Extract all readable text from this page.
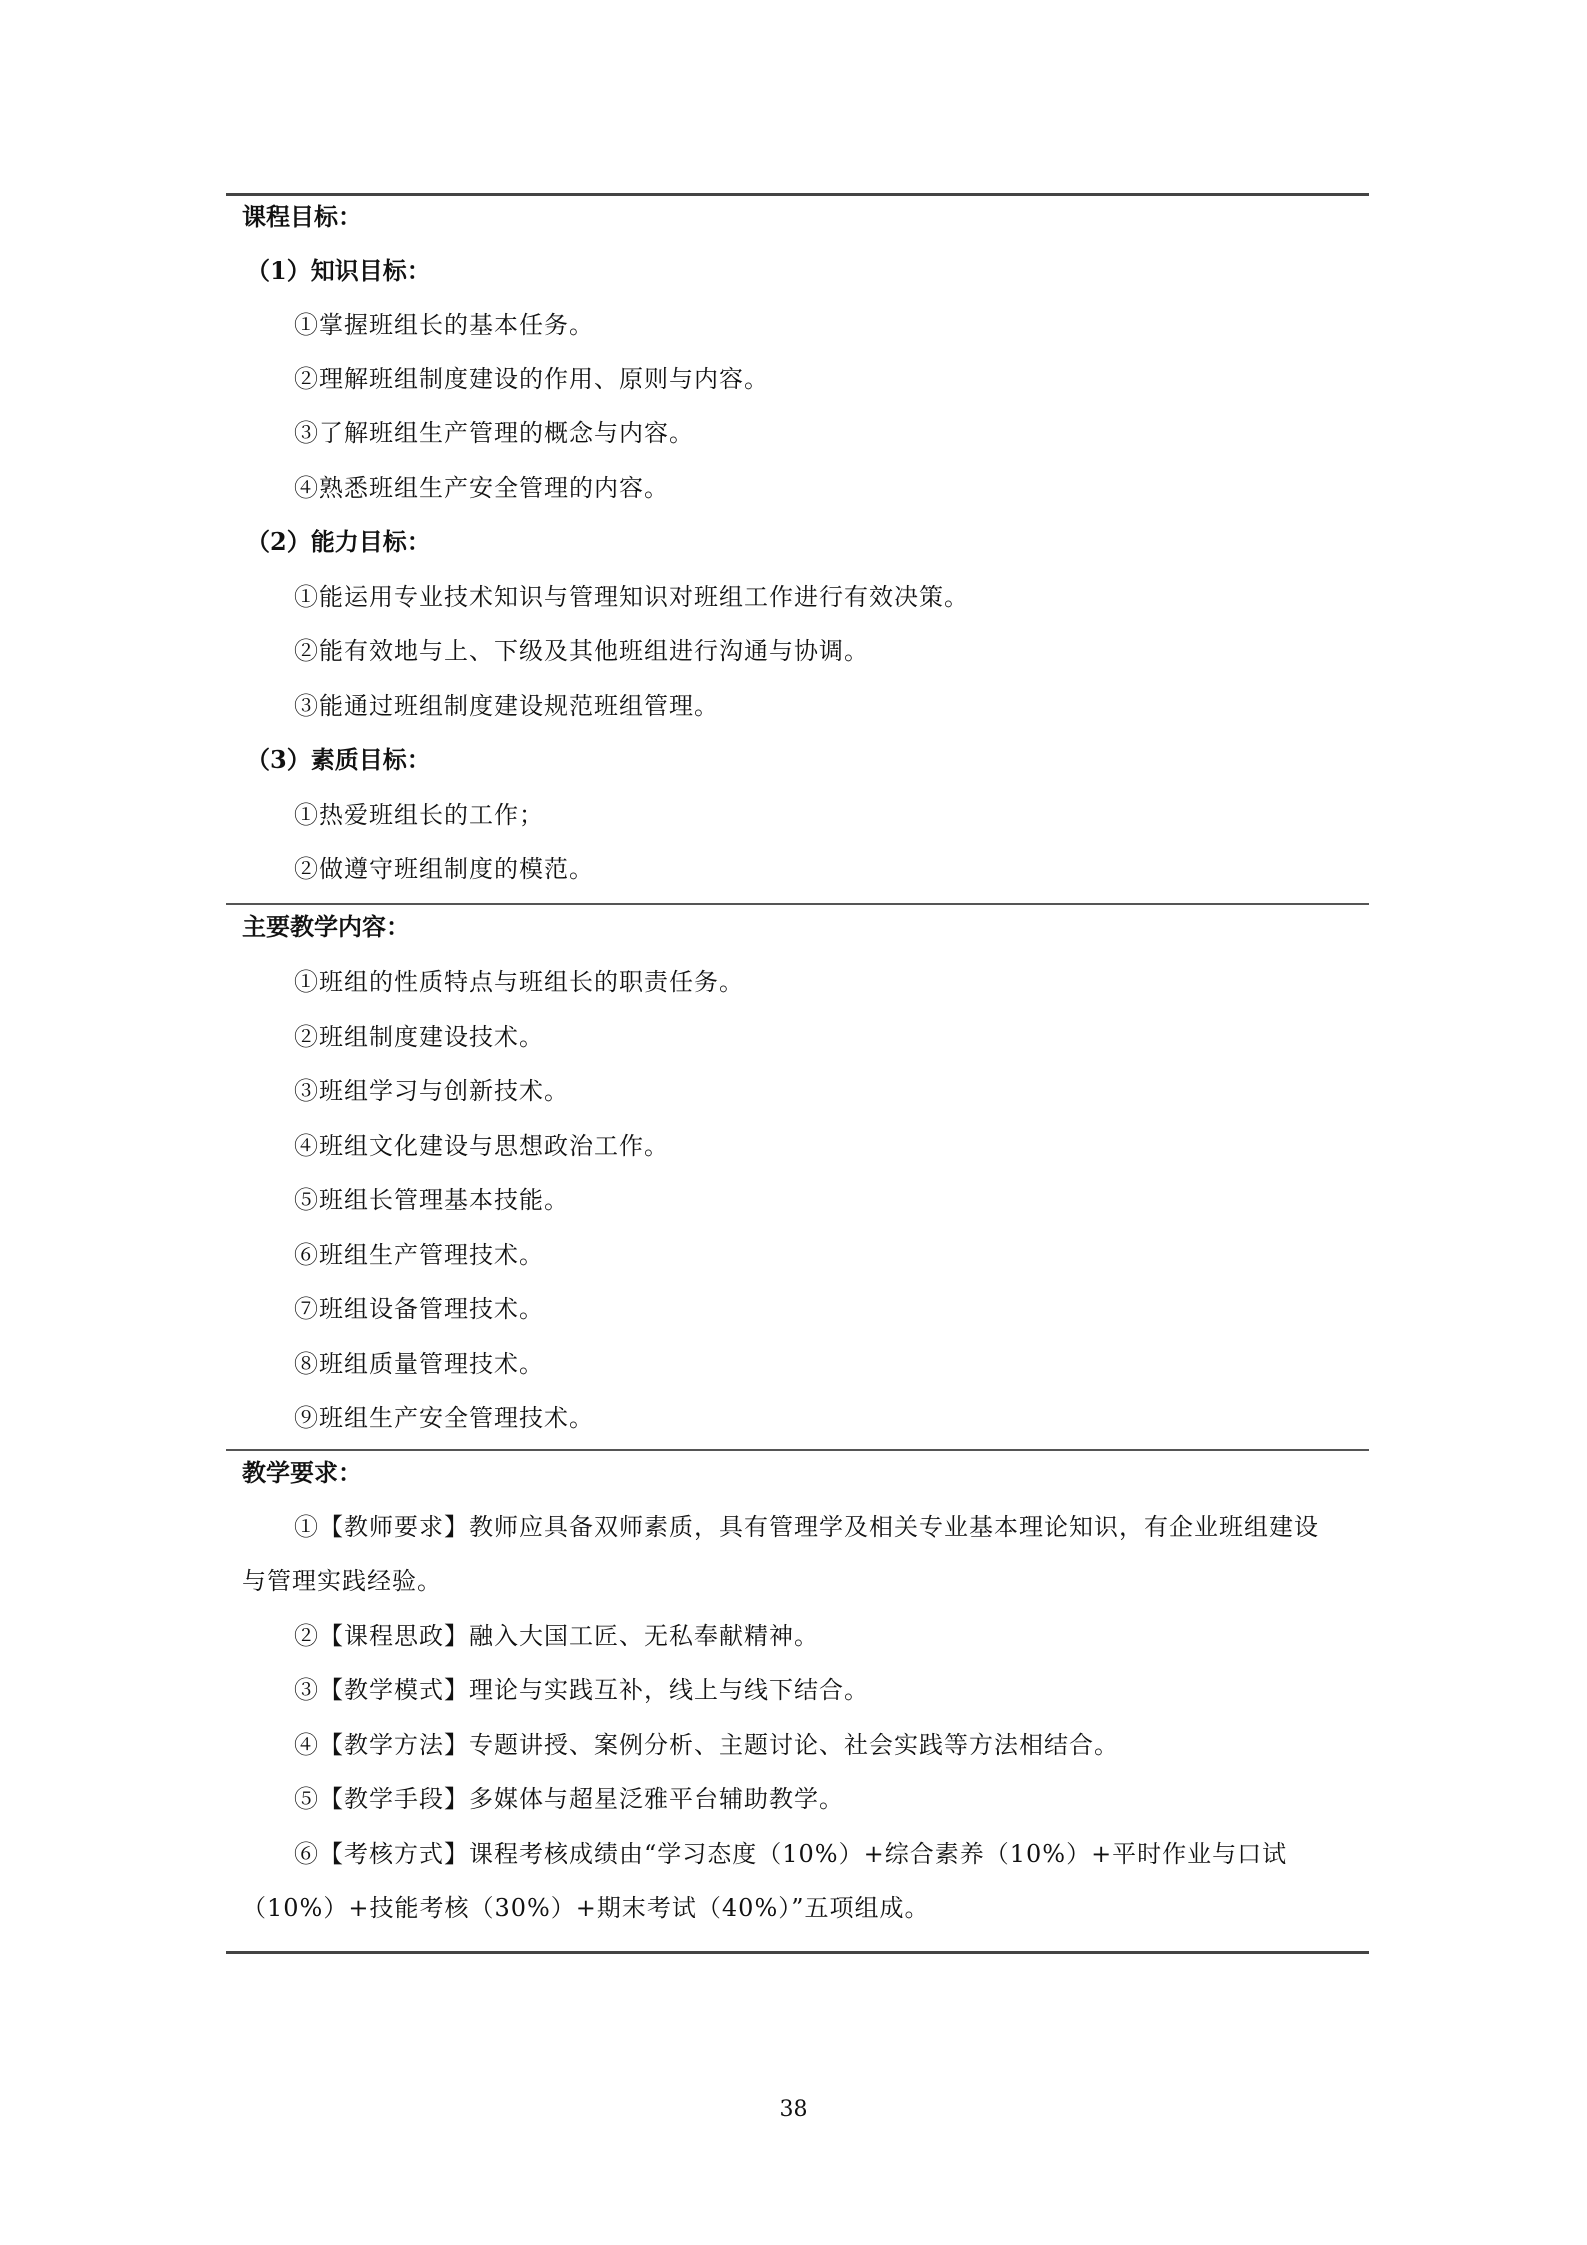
课程目标：
（1）知识目标：
①掌握班组长的基本任务。
②理解班组制度建设的作用、原则与内容。
③了解班组生产管理的概念与内容。
④熟悉班组生产安全管理的内容。
（2）能力目标：
①能运用专业技术知识与管理知识对班组工作进行有效决策。
②能有效地与上、下级及其他班组进行沟通与协调。
③能通过班组制度建设规范班组管理。
（3）素质目标：
①热爱班组长的工作；
②做遵守班组制度的模范。
主要教学内容：
①班组的性质特点与班组长的职责任务。
②班组制度建设技术。
③班组学习与创新技术。
④班组文化建设与思想政治工作。
⑤班组长管理基本技能。
⑥班组生产管理技术。
⑦班组设备管理技术。
⑧班组质量管理技术。
⑨班组生产安全管理技术。
教学要求：
①【教师要求】教师应具备双师素质，具有管理学及相关专业基本理论知识，有企业班组建设与管理实践经验。
②【课程思政】融入大国工匠、无私奉献精神。
③【教学模式】理论与实践互补，线上与线下结合。
④【教学方法】专题讲授、案例分析、主题讨论、社会实践等方法相结合。
⑤【教学手段】多媒体与超星泛雅平台辅助教学。
⑥【考核方式】课程考核成绩由“学习态度（10%）+综合素养（10%）+平时作业与口试（10%）+技能考核（30%）+期末考试（40%）”五项组成。
38
